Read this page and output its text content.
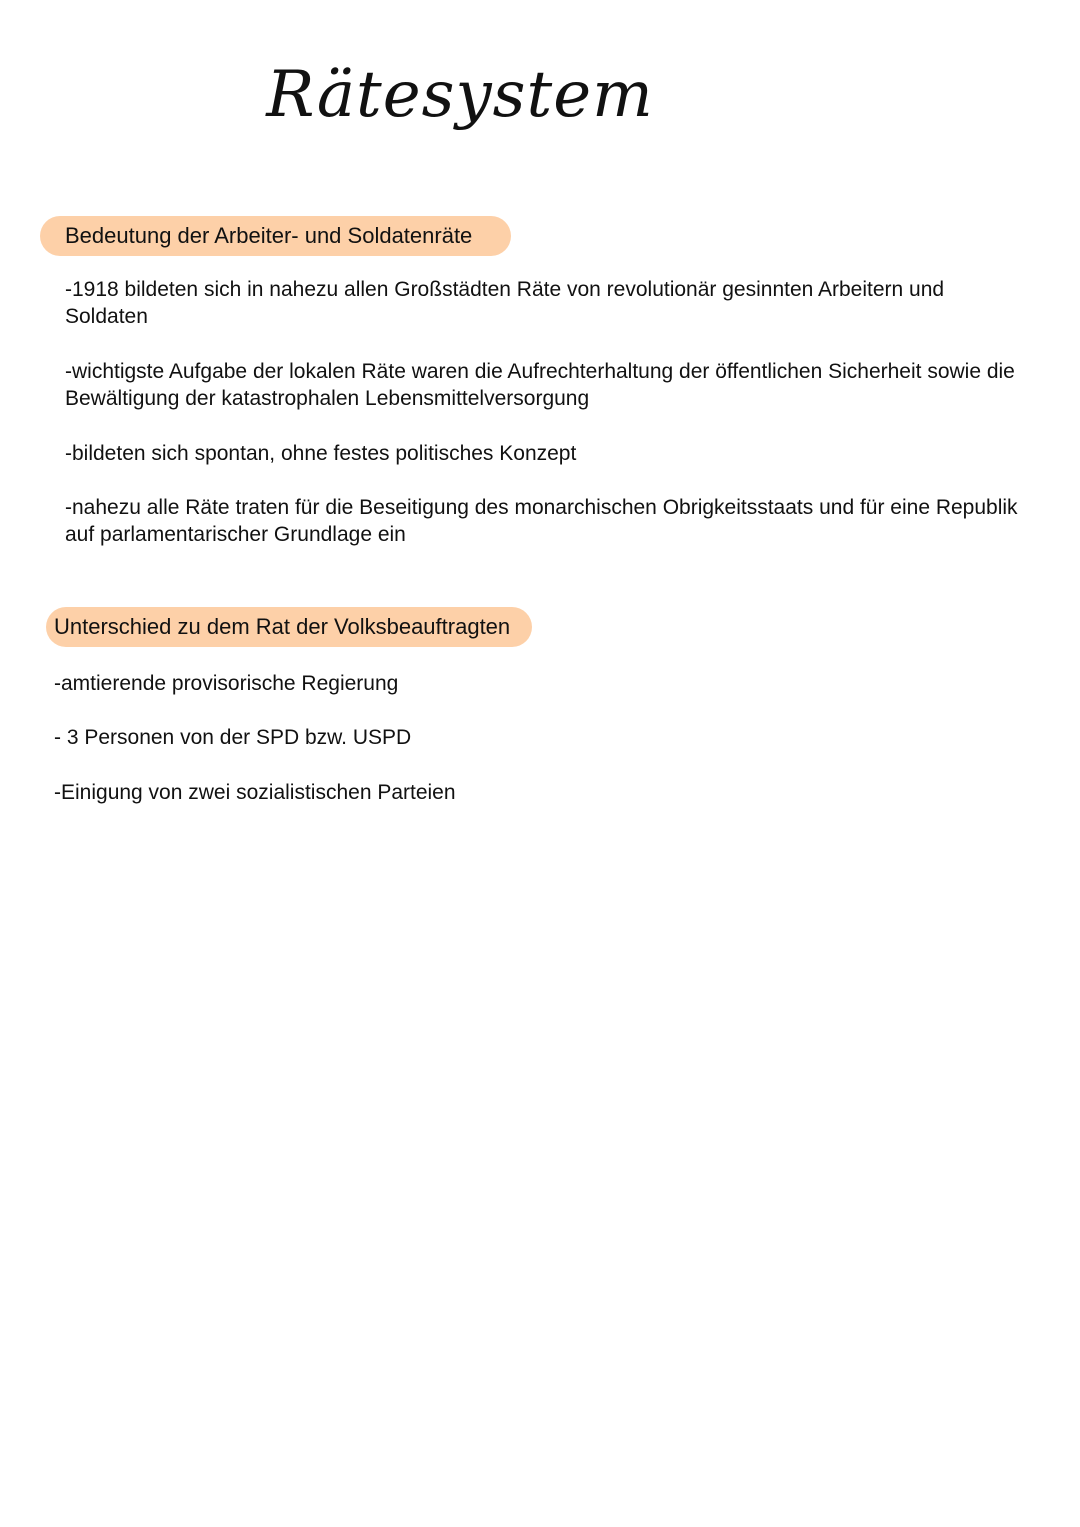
Rätesystem
Bedeutung der Arbeiter- und Soldatenräte

-1918 bildeten sich in nahezu allen Großstädten Räte von revolutionär gesinnten Arbeitern und Soldaten

-wichtigste Aufgabe der lokalen Räte waren die Aufrechterhaltung der öffentlichen Sicherheit sowie die Bewältigung der katastrophalen Lebensmittelversorgung

-bildeten sich spontan, ohne festes politisches Konzept

-nahezu alle Räte traten für die Beseitigung des monarchischen Obrigkeitsstaats und für eine Republik auf parlamentarischer Grundlage ein

Unterschied zu dem Rat der Volksbeauftragten

-amtierende provisorische Regierung

- 3 Personen von der SPD bzw. USPD

-Einigung von zwei sozialistischen Parteien
